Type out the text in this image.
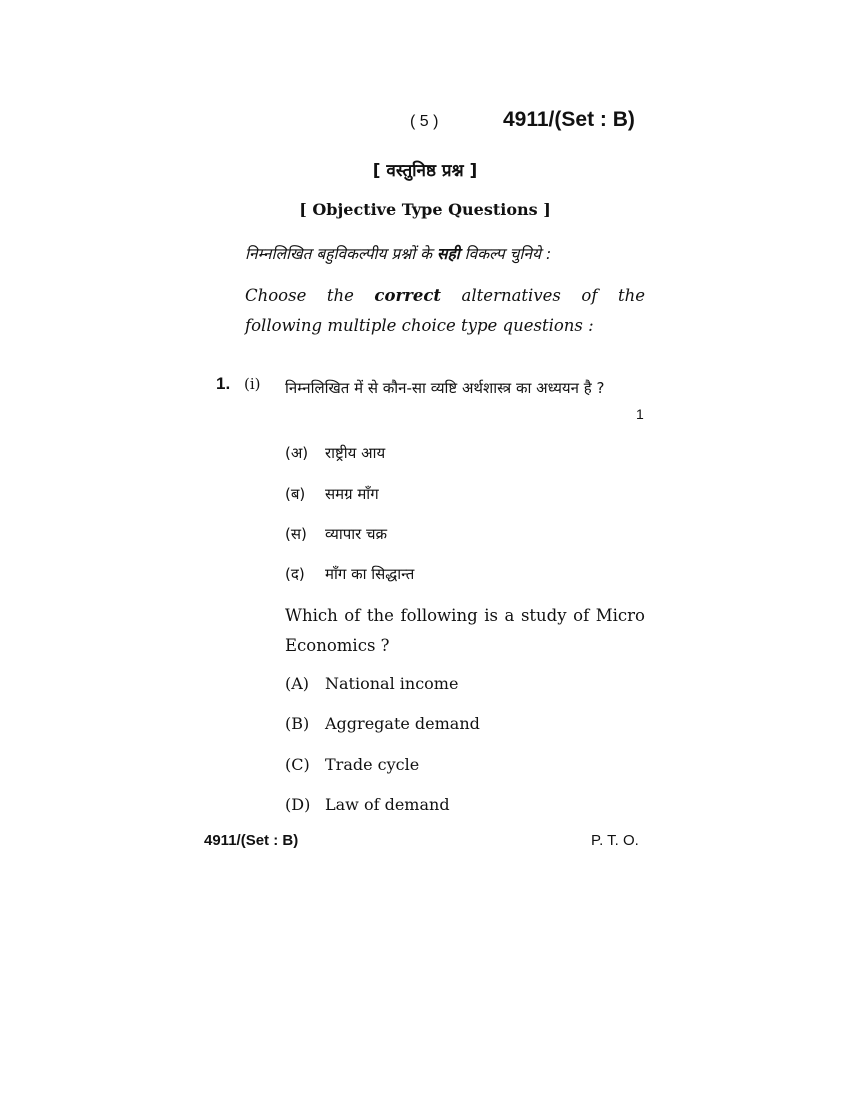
( 5 )	4911/(Set : B)
[ वस्तुनिष्ठ प्रश्न ]
[ Objective Type Questions ]
निम्नलिखित बहुविकल्पीय प्रश्नों के सही विकल्प चुनिये :
Choose the correct alternatives of the following multiple choice type questions :
1. (i) निम्नलिखित में से कौन-सा व्यष्टि अर्थशास्त्र का अध्ययन है ?
1
(अ)	राष्ट्रीय आय
(ब)	समग्र माँग
(स)	व्यापार चक्र
(द)	माँग का सिद्धान्त
Which of the following is a study of Micro Economics ?
(A) National income
(B) Aggregate demand
(C) Trade cycle
(D) Law of demand
4911/(Set : B)	P. T. O.
